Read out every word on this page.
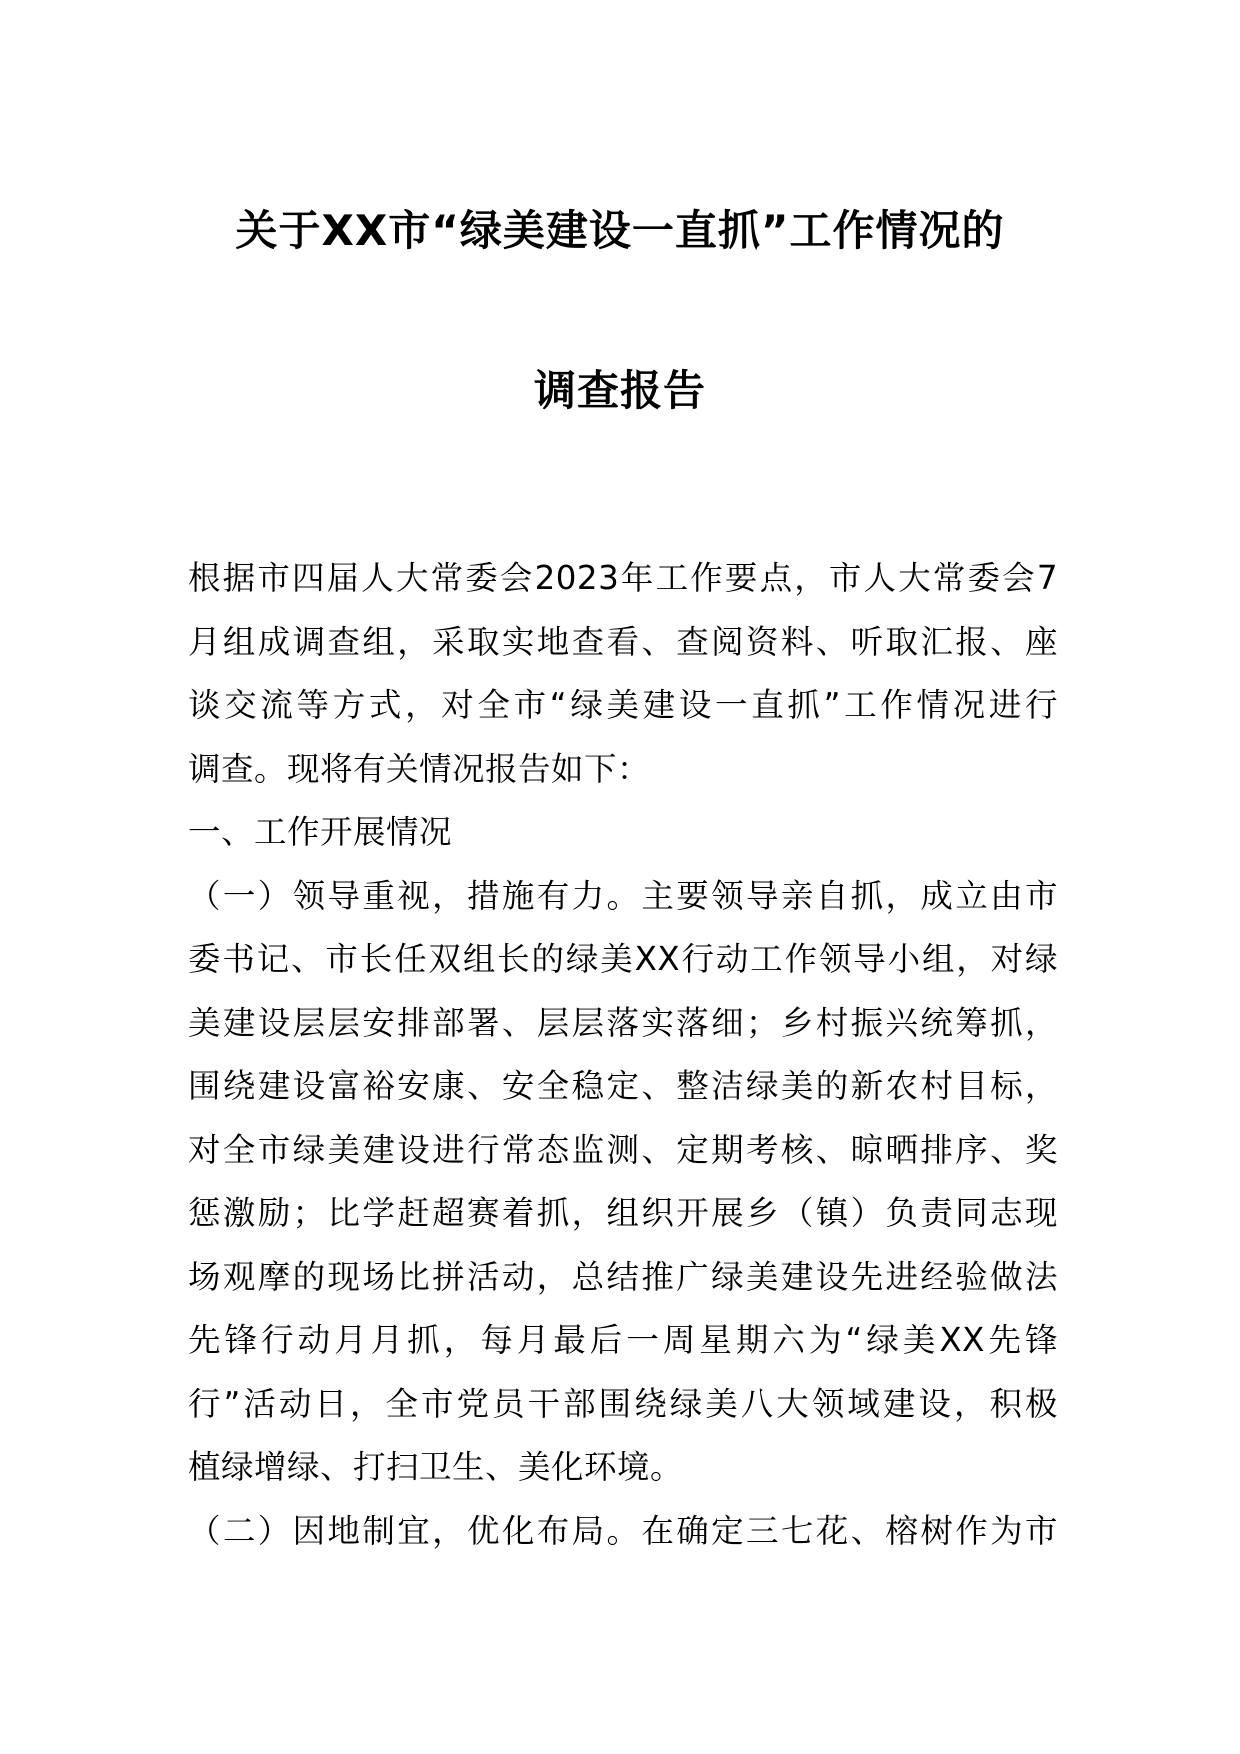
关于XX市“绿美建设一直抓”工作情况的
调查报告
根据市四届人大常委会2023年工作要点，市人大常委会7
月组成调查组，采取实地查看、查阅资料、听取汇报、座
谈交流等方式，对全市“绿美建设一直抓”工作情况进行
调查。现将有关情况报告如下：
一、工作开展情况
（一）领导重视，措施有力。主要领导亲自抓，成立由市
委书记、市长任双组长的绿美XX行动工作领导小组，对绿
美建设层层安排部署、层层落实落细；乡村振兴统筹抓，
围绕建设富裕安康、安全稳定、整洁绿美的新农村目标，
对全市绿美建设进行常态监测、定期考核、晾晒排序、奖
惩激励；比学赶超赛着抓，组织开展乡（镇）负责同志现
场观摩的现场比拼活动，总结推广绿美建设先进经验做法
先锋行动月月抓，每月最后一周星期六为“绿美XX先锋
行”活动日，全市党员干部围绕绿美八大领域建设，积极
植绿增绿、打扫卫生、美化环境。
（二）因地制宜，优化布局。在确定三七花、榕树作为市
